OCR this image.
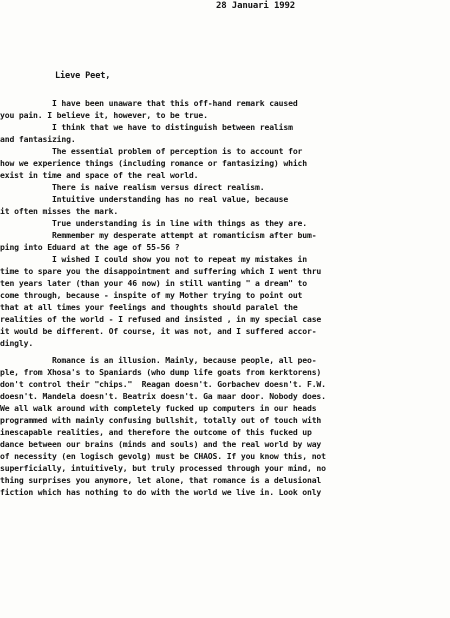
28 Januari 1992
Lieve Peet,
I have been unaware that this off-hand remark caused
you pain. I believe it, however, to be true.
I think that we have to distinguish between realism
and fantasizing.
The essential problem of perception is to account for
how we experience things (including romance or fantasizing) which
exist in time and space of the real world.
There is naive realism versus direct realism.
Intuitive understanding has no real value, because
it often misses the mark.
True understanding is in line with things as they are.
Remmember my desperate attempt at romanticism after bum-
ping into Eduard at the age of 55-56 ?
I wished I could show you not to repeat my mistakes in
time to spare you the disappointment and suffering which I went thru
ten years later (than your 46 now) in still wanting " a dream" to
come through, because - inspite of my Mother trying to point out
that at all times your feelings and thoughts should paralel the
realities of the world - I refused and insisted , in my special case
it would be different. Of course, it was not, and I suffered accor-
dingly.
Romance is an illusion. Mainly, because people, all peo-
ple, from Xhosa's to Spaniards (who dump life goats from kerktorens)
don't control their "chips."  Reagan doesn't. Gorbachev doesn't. F.W.
doesn't. Mandela doesn't. Beatrix doesn't. Ga maar door. Nobody does.
We all walk around with completely fucked up computers in our heads
programmed with mainly confusing bullshit, totally out of touch with
inescapable realities, and therefore the outcome of this fucked up
dance between our brains (minds and souls) and the real world by way
of necessity (en logisch gevolg) must be CHAOS. If you know this, not
superficially, intuitively, but truly processed through your mind, no
thing surprises you anymore, let alone, that romance is a delusional
fiction which has nothing to do with the world we live in. Look only
